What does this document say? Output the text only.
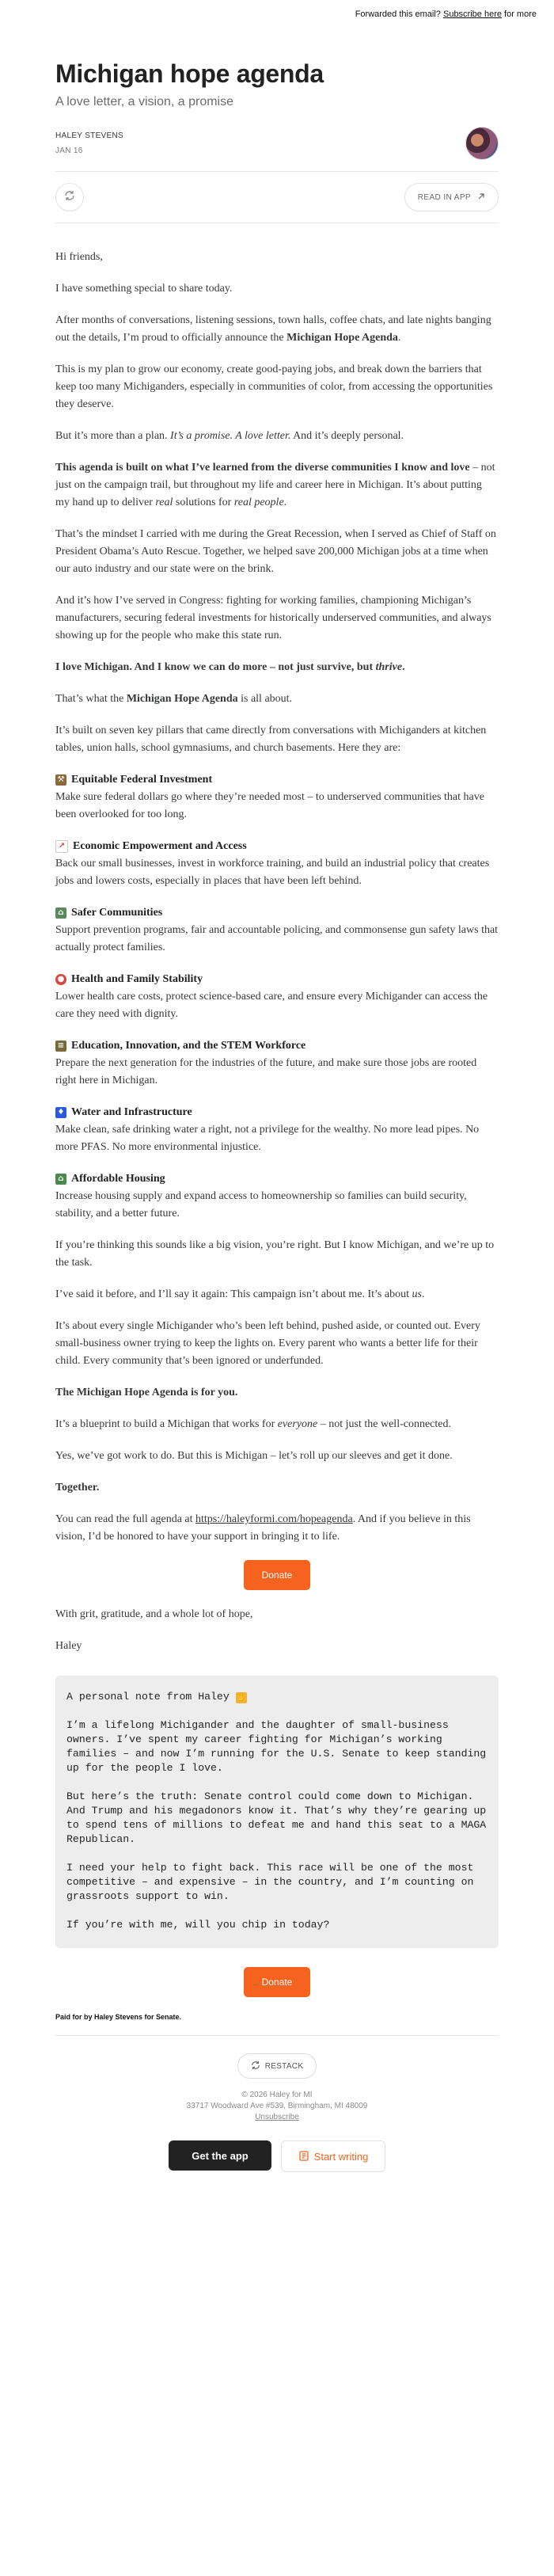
Forwarded this email? Subscribe here for more
Michigan hope agenda
A love letter, a vision, a promise
HALEY STEVENS
JAN 16
READ IN APP

Hi friends,

I have something special to share today.

After months of conversations, listening sessions, town halls, coffee chats, and late nights banging out the details, I’m proud to officially announce the Michigan Hope Agenda.

This is my plan to grow our economy, create good-paying jobs, and break down the barriers that keep too many Michiganders, especially in communities of color, from accessing the opportunities they deserve.

But it’s more than a plan. It’s a promise. A love letter. And it’s deeply personal.

This agenda is built on what I’ve learned from the diverse communities I know and love – not just on the campaign trail, but throughout my life and career here in Michigan. It’s about putting my hand up to deliver real solutions for real people.

That’s the mindset I carried with me during the Great Recession, when I served as Chief of Staff on President Obama’s Auto Rescue. Together, we helped save 200,000 Michigan jobs at a time when our auto industry and our state were on the brink.

And it’s how I’ve served in Congress: fighting for working families, championing Michigan’s manufacturers, securing federal investments for historically underserved communities, and always showing up for the people who make this state run.

I love Michigan. And I know we can do more – not just survive, but thrive.

That’s what the Michigan Hope Agenda is all about.

It’s built on seven key pillars that came directly from conversations with Michiganders at kitchen tables, union halls, school gymnasiums, and church basements. Here they are:

⚒ Equitable Federal Investment
Make sure federal dollars go where they’re needed most – to underserved communities that have been overlooked for too long.
↗ Economic Empowerment and Access
Back our small businesses, invest in workforce training, and build an industrial policy that creates jobs and lowers costs, especially in places that have been left behind.
⌂ Safer Communities
Support prevention programs, fair and accountable policing, and commonsense gun safety laws that actually protect families.
● Health and Family Stability
Lower health care costs, protect science-based care, and ensure every Michigander can access the care they need with dignity.
≡ Education, Innovation, and the STEM Workforce
Prepare the next generation for the industries of the future, and make sure those jobs are rooted right here in Michigan.
♦ Water and Infrastructure
Make clean, safe drinking water a right, not a privilege for the wealthy. No more lead pipes. No more PFAS. No more environmental injustice.
⌂ Affordable Housing
Increase housing supply and expand access to homeownership so families can build security, stability, and a better future.

If you’re thinking this sounds like a big vision, you’re right. But I know Michigan, and we’re up to the task.

I’ve said it before, and I’ll say it again: This campaign isn’t about me. It’s about us.

It’s about every single Michigander who’s been left behind, pushed aside, or counted out. Every small-business owner trying to keep the lights on. Every parent who wants a better life for their child. Every community that’s been ignored or underfunded.

The Michigan Hope Agenda is for you.

It’s a blueprint to build a Michigan that works for everyone – not just the well-connected.

Yes, we’ve got work to do. But this is Michigan – let’s roll up our sleeves and get it done.

Together.

You can read the full agenda at https://haleyformi.com/hopeagenda. And if you believe in this vision, I’d be honored to have your support in bringing it to life.

Donate

With grit, gratitude, and a whole lot of hope,

Haley

A personal note from Haley ✋

I’m a lifelong Michigander and the daughter of small-business owners. I’ve spent my career fighting for Michigan’s working families – and now I’m running for the U.S. Senate to keep standing up for the people I love.

But here’s the truth: Senate control could come down to Michigan. And Trump and his megadonors know it. That’s why they’re gearing up to spend tens of millions to defeat me and hand this seat to a MAGA Republican.

I need your help to fight back. This race will be one of the most competitive – and expensive – in the country, and I’m counting on grassroots support to win.

If you’re with me, will you chip in today?

Donate
Paid for by Haley Stevens for Senate.
RESTACK
© 2026 Haley for MI
33717 Woodward Ave #539, Birmingham, MI 48009
Unsubscribe
Get the app	Start writing
